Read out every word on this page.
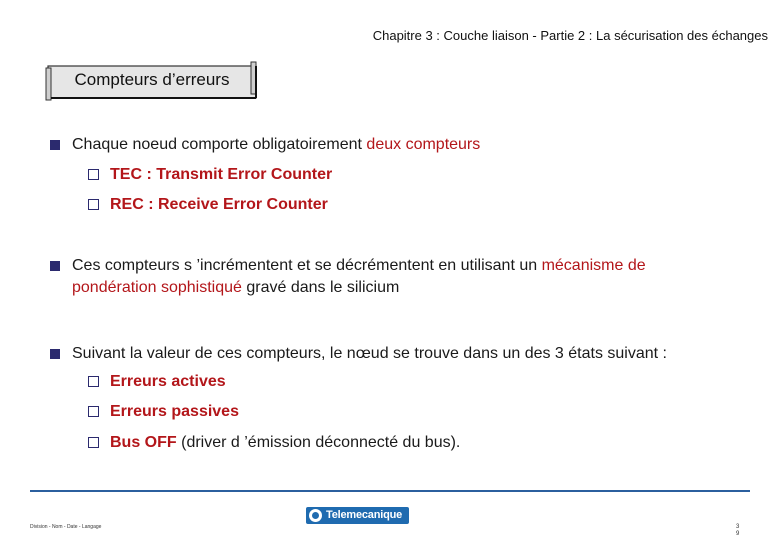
Chapitre 3 : Couche liaison - Partie 2 : La sécurisation des échanges
Compteurs d’erreurs
Chaque noeud comporte obligatoirement deux compteurs
TEC : Transmit Error Counter
REC : Receive Error Counter
Ces compteurs s ’incrémentent et se décrémentent en utilisant un mécanisme de
pondération sophistiqué gravé dans le silicium
Suivant la valeur de ces compteurs, le nœud se trouve dans un des 3 états suivant :
Erreurs actives
Erreurs passives
Bus OFF (driver d ’émission déconnecté du bus).
Division - Nom - Date - Langage
Telemecanique
3
9
